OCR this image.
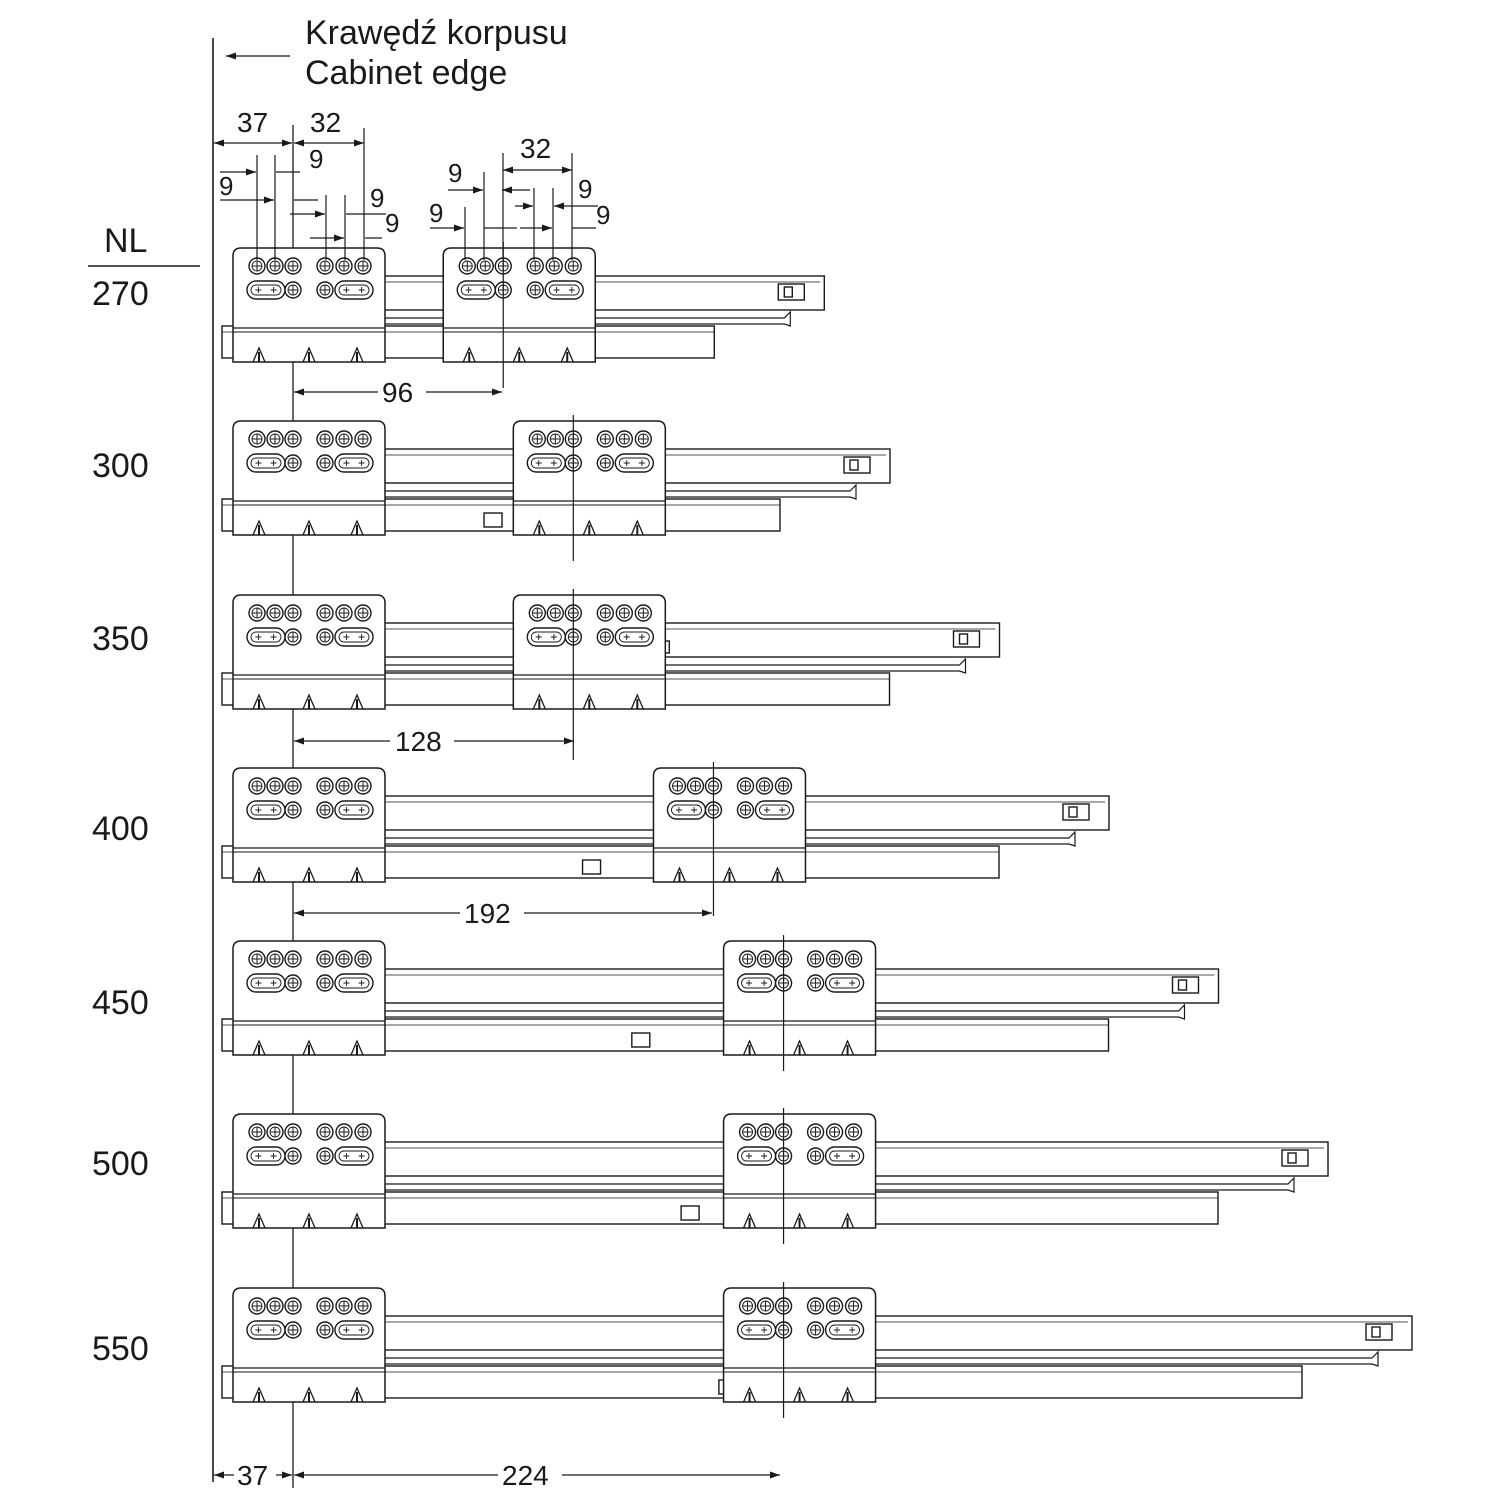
Krawędź korpusu
Cabinet edge
NL
270
300
350
400
450
500
550
37 32
9
9	9
9
32
9
9
9	9
96
128
192
37	224
